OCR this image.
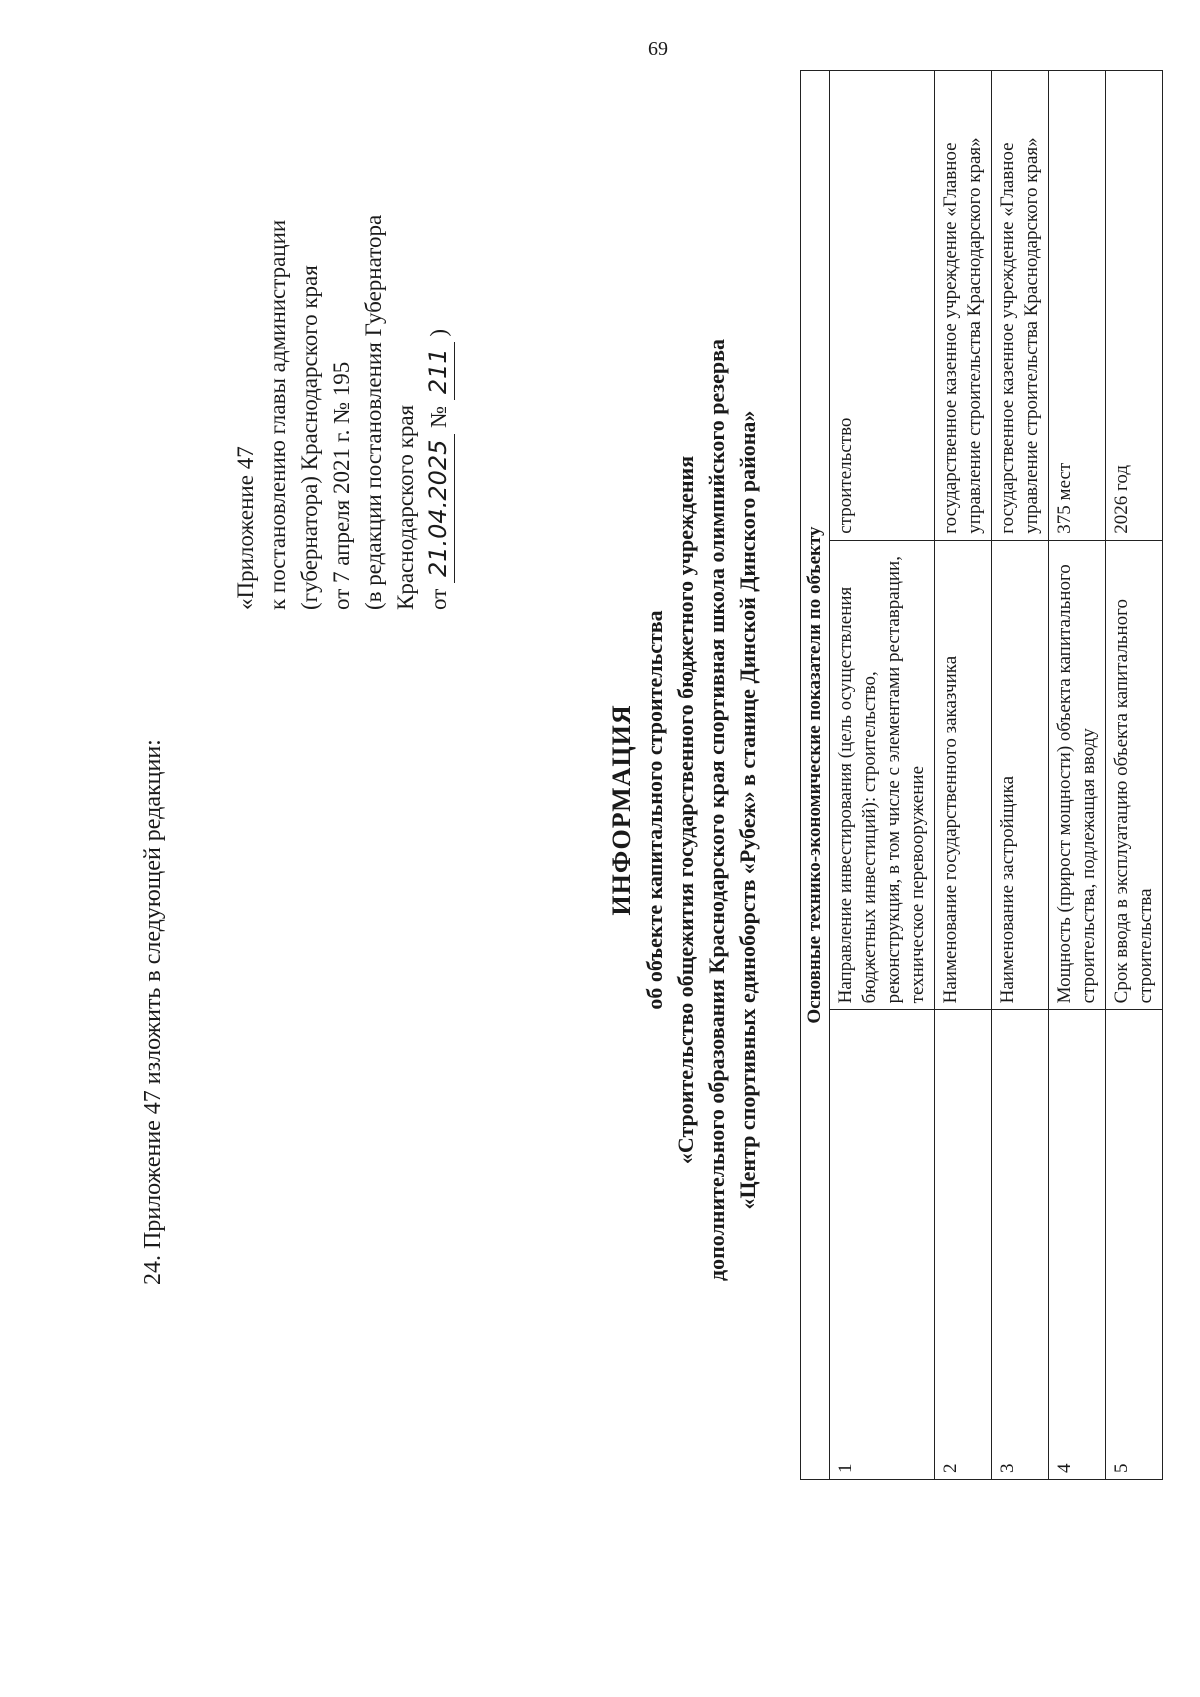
69
24. Приложение 47 изложить в следующей редакции:
«Приложение 47 к постановлению главы администрации (губернатора) Краснодарского края от 7 апреля 2021 г. № 195 (в редакции постановления Губернатора Краснодарского края от 21.04.2025 № 211 )
ИНФОРМАЦИЯ об объекте капитального строительства «Строительство общежития государственного бюджетного учреждения дополнительного образования Краснодарского края спортивная школа олимпийского резерва «Центр спортивных единоборств «Рубеж» в станице Динской Динского района» Основные технико-экономические показатели по объекту		
1	Направление инвестирования (цель осуществления бюджетных инвестиций): строительство, реконструкция, в том числе с элементами реставрации, техническое перевооружение	строительство
2	Наименование государственного заказчика	государственное казенное учреждение «Главное управление строительства Краснодарского края»
3	Наименование застройщика	государственное казенное учреждение «Главное управление строительства Краснодарского края»
4	Мощность (прирост мощности) объекта капитального строительства, подлежащая вводу	375 мест
5	Срок ввода в эксплуатацию объекта капитального строительства	2026 год
